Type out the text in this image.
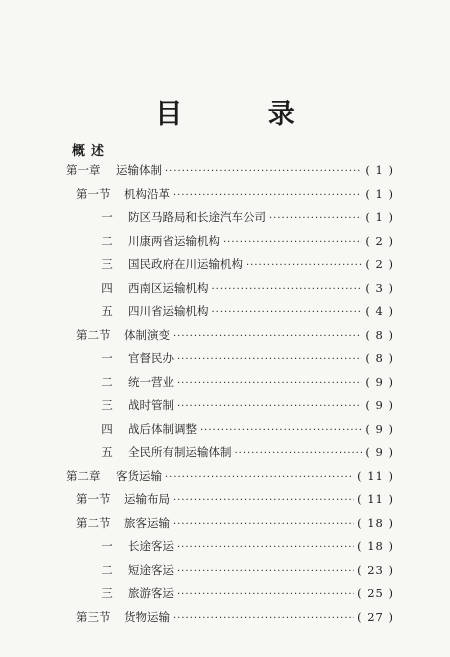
目 录
概述
第一章	运输体制 ·····	( 1 )
第一节	机构沿革 ·····	( 1 )
一	防区马路局和长途汽车公司 ·····	( 1 )
二	川康两省运输机构 ·····	( 2 )
三	国民政府在川运输机构 ·····	( 2 )
四	西南区运输机构 ·····	( 3 )
五	四川省运输机构 ·····	( 4 )
第二节	体制演变 ·····	( 8 )
一	官督民办 ·····	( 8 )
二	统一营业 ·····	( 9 )
三	战时管制 ·····	( 9 )
四	战后体制调整 ·····	( 9 )
五	全民所有制运输体制 ·····	( 9 )
第二章	客货运输 ·····	( 11 )
第一节	运输布局 ·····	( 11 )
第二节	旅客运输 ·····	( 18 )
一	长途客运 ·····	( 18 )
二	短途客运 ·····	( 23 )
三	旅游客运 ·····	( 25 )
第三节	货物运输 ·····	( 27 )
